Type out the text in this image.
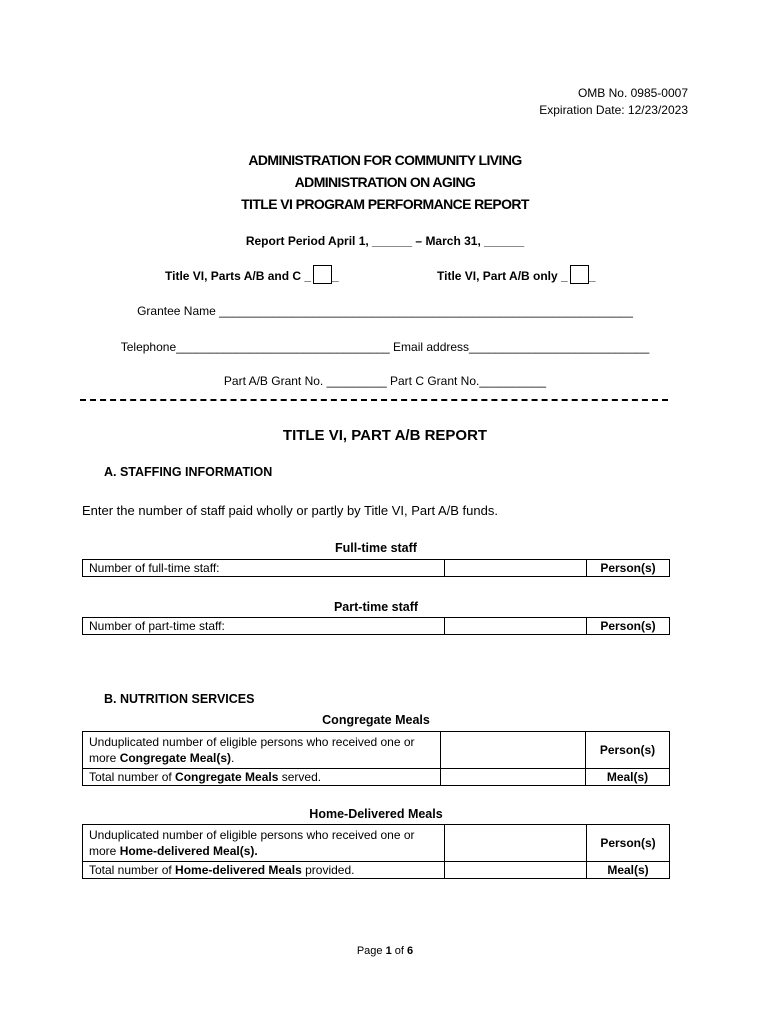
OMB No. 0985-0007
Expiration Date: 12/23/2023
ADMINISTRATION FOR COMMUNITY LIVING
ADMINISTRATION ON AGING
TITLE VI PROGRAM PERFORMANCE REPORT
Report Period April 1, ______ – March 31, ______
Title VI, Parts A/B and C _ _	Title VI, Part A/B only _ _
Grantee Name ______________________________________________________________
Telephone________________________________ Email address___________________________
Part A/B Grant No. _________ Part C Grant No.__________
TITLE VI, PART A/B REPORT
A. STAFFING INFORMATION
Enter the number of staff paid wholly or partly by Title VI, Part A/B funds.
Full-time staff
Number of full-time staff:		Person(s)
Part-time staff
Number of part-time staff:		Person(s)
B. NUTRITION SERVICES
Congregate Meals
Unduplicated number of eligible persons who received one or more Congregate Meal(s).		Person(s)
Total number of Congregate Meals served.		Meal(s)
Home-Delivered Meals
Unduplicated number of eligible persons who received one or more Home-delivered Meal(s).		Person(s)
Total number of Home-delivered Meals provided.		Meal(s)
Page 1 of 6
